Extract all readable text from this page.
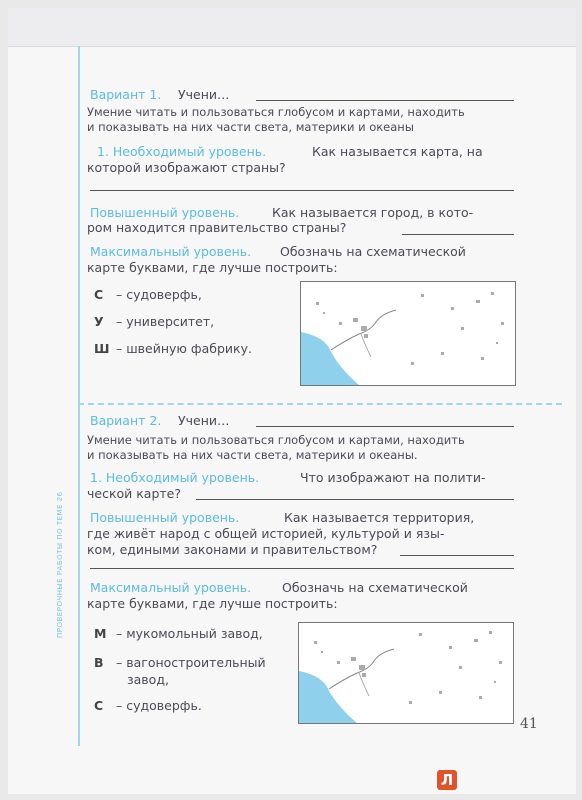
ПРОВЕРОЧНЫЕ РАБОТЫ ПО ТЕМЕ 26
Вариант 1. Учени…
Умение читать и пользоваться глобусом и картами, находить
и показывать на них части света, материки и океаны
1. Необходимый уровень.	Как называется карта, на
которой изображают страны?
Повышенный уровень.	Как называется город, в кото-
ром находится правительство страны?
Максимальный уровень. Обозначь на схематической
карте буквами, где лучше построить:
С – судоверфь,
У – университет,
Ш – швейную фабрику.
Вариант 2. Учени…
Умение читать и пользоваться глобусом и картами, находить
и показывать на них части света, материки и океаны.
1. Необходимый уровень.	Что изображают на полити-
ческой карте?
Повышенный уровень.	Как называется территория,
где живёт народ с общей историей, культурой и язы-
ком, едиными законами и правительством?
Максимальный уровень. Обозначь на схематической
карте буквами, где лучше построить:
М – мукомольный завод,
В – вагоностроительный
завод,
С – судоверфь.
41
Л
